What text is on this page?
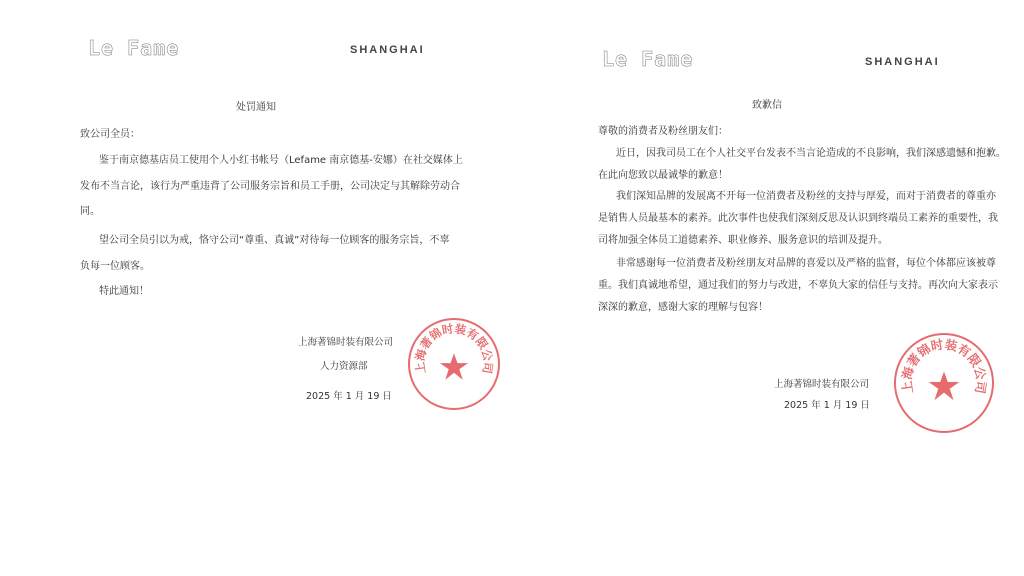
Le Fame	SHANGHAI
处罚通知
致公司全员：
鉴于南京德基店员工使用个人小红书帐号（Lefame 南京德基-安娜）在社交媒体上
发布不当言论，该行为严重违背了公司服务宗旨和员工手册，公司决定与其解除劳动合
同。
望公司全员引以为戒，恪守公司“尊重、真诚”对待每一位顾客的服务宗旨，不辜
负每一位顾客。
特此通知！
上海著锦时装有限公司
人力资源部
2025 年 1 月 19 日
上海著锦时装有限公司
Le Fame	SHANGHAI
致歉信
尊敬的消费者及粉丝朋友们：
近日，因我司员工在个人社交平台发表不当言论造成的不良影响，我们深感遗憾和抱歉。
在此向您致以最诚挚的歉意！
我们深知品牌的发展离不开每一位消费者及粉丝的支持与厚爱，而对于消费者的尊重亦
是销售人员最基本的素养。此次事件也使我们深刻反思及认识到终端员工素养的重要性，我
司将加强全体员工道德素养、职业修养、服务意识的培训及提升。
非常感谢每一位消费者及粉丝朋友对品牌的喜爱以及严格的监督，每位个体都应该被尊
重。我们真诚地希望，通过我们的努力与改进，不辜负大家的信任与支持。再次向大家表示
深深的歉意，感谢大家的理解与包容！
上海著锦时装有限公司
2025 年 1 月 19 日
上海著锦时装有限公司
